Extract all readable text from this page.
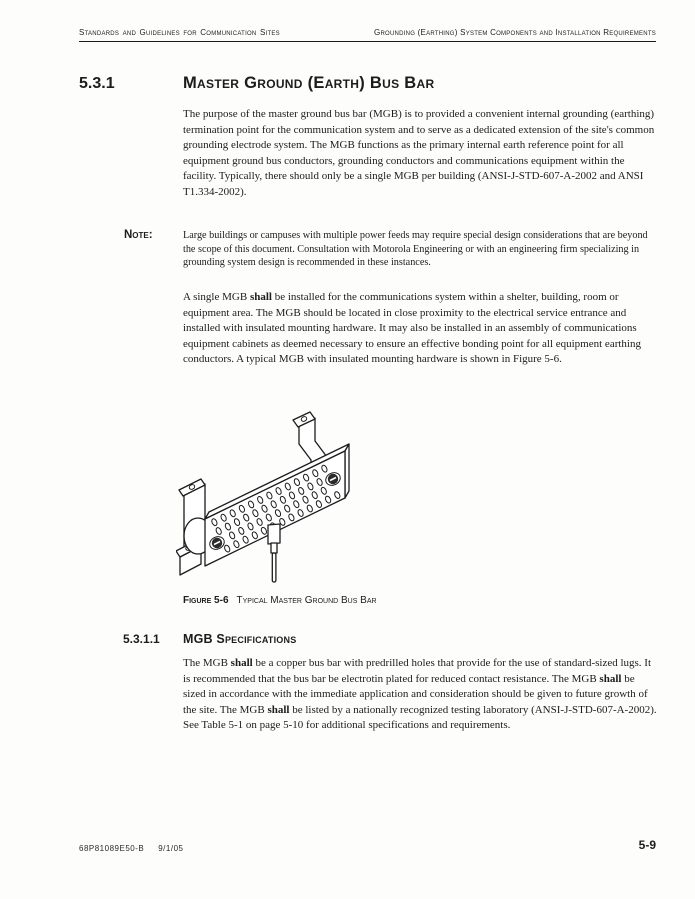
Standards and Guidelines for Communication Sites	Grounding (Earthing) System Components and Installation Requirements
5.3.1	Master Ground (Earth) Bus Bar
The purpose of the master ground bus bar (MGB) is to provided a convenient internal grounding (earthing) termination point for the communication system and to serve as a dedicated extension of the site's common grounding electrode system. The MGB functions as the primary internal earth reference point for all equipment ground bus conductors, grounding conductors and communications equipment within the facility. Typically, there should only be a single MGB per building (ANSI-J-STD-607-A-2002 and ANSI T1.334-2002).
Note:	Large buildings or campuses with multiple power feeds may require special design considerations that are beyond the scope of this document. Consultation with Motorola Engineering or with an engineering firm specializing in grounding system design is recommended in these instances.
A single MGB shall be installed for the communications system within a shelter, building, room or equipment area. The MGB should be located in close proximity to the electrical service entrance and installed with insulated mounting hardware. It may also be installed in an assembly of communications equipment cabinets as deemed necessary to ensure an effective bonding point for all equipment earthing conductors. A typical MGB with insulated mounting hardware is shown in Figure 5-6.
Figure 5-6 Typical Master Ground Bus Bar
5.3.1.1	MGB Specifications
The MGB shall be a copper bus bar with predrilled holes that provide for the use of standard-sized lugs. It is recommended that the bus bar be electrotin plated for reduced contact resistance. The MGB shall be sized in accordance with the immediate application and consideration should be given to future growth of the site. The MGB shall be listed by a nationally recognized testing laboratory (ANSI-J-STD-607-A-2002). See Table 5-1 on page 5-10 for additional specifications and requirements.
68P81089E50-B 9/1/05	5-9
